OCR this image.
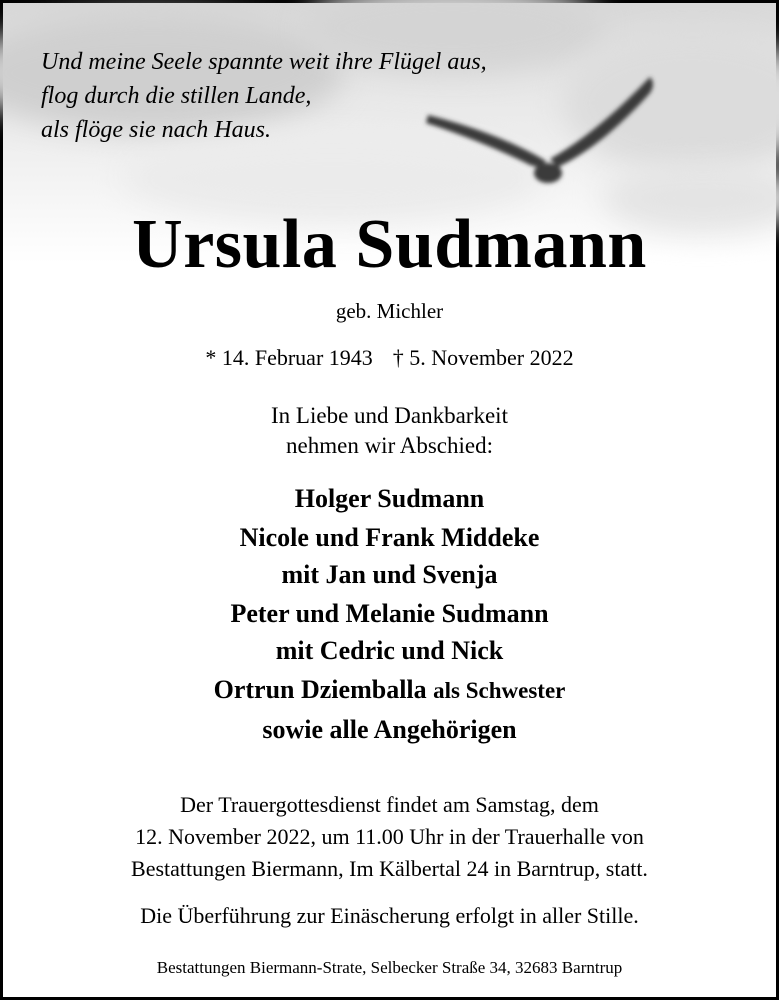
Und meine Seele spannte weit ihre Flügel aus,
flog durch die stillen Lande,
als flöge sie nach Haus.
Ursula Sudmann
geb. Michler
* 14. Februar 1943 † 5. November 2022
In Liebe und Dankbarkeit
nehmen wir Abschied:
Holger Sudmann
Nicole und Frank Middeke
mit Jan und Svenja
Peter und Melanie Sudmann
mit Cedric und Nick
Ortrun Dziemballa als Schwester
sowie alle Angehörigen
Der Trauergottesdienst findet am Samstag, dem
12. November 2022, um 11.00 Uhr in der Trauerhalle von
Bestattungen Biermann, Im Kälbertal 24 in Barntrup, statt.
Die Überführung zur Einäscherung erfolgt in aller Stille.
Bestattungen Biermann-Strate, Selbecker Straße 34, 32683 Barntrup
